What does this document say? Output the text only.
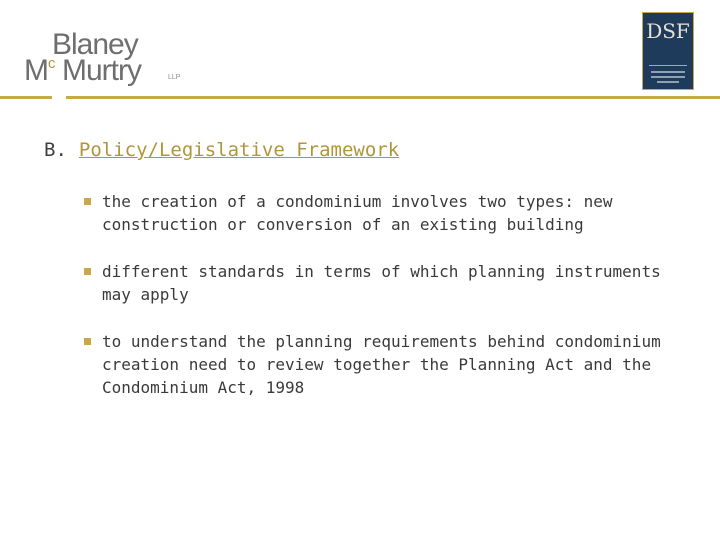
Blaney
M c Murtry	LLP
DSF
B. Policy/Legislative Framework
the creation of a condominium involves two types: new construction or conversion of an existing building
different standards in terms of which planning instruments may apply
to understand the planning requirements behind condominium creation need to review together the Planning Act and the Condominium Act, 1998
